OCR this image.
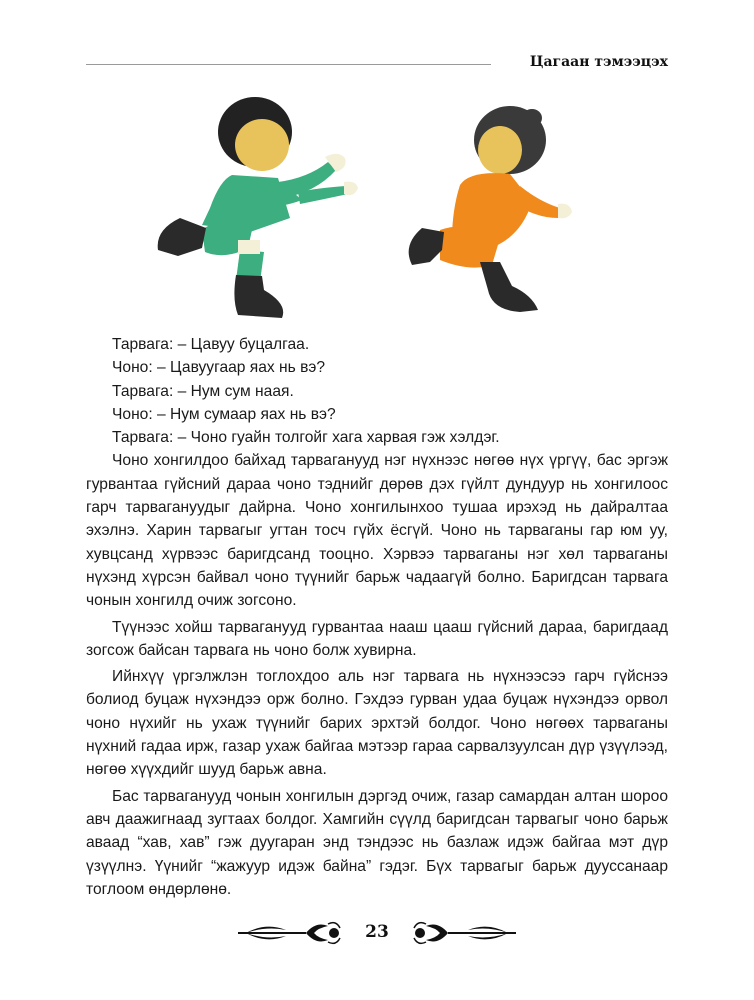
Цагаан тэмээцэх

Тарвага: – Цавуу буцалгаа.

Чоно: – Цавуугаар яах нь вэ?

Тарвага: – Нум сум наая.

Чоно: – Нум сумаар яах нь вэ?

Тарвага: – Чоно гуайн толгойг хага харвая гэж хэлдэг.

Чоно хонгилдоо байхад тарваганууд нэг нүхнээс нөгөө нүх үргүү, бас эргэж гурвантаа гүйсний дараа чоно тэднийг дөрөв дэх гүйлт дундуур нь хонгилоос гарч тарвагануудыг дайрна. Чоно хонгилынхоо тушаа ирэхэд нь дайралтаа эхэлнэ. Харин тарвагыг угтан тосч гүйх ёсгүй. Чоно нь тарваганы гар юм уу, хувцсанд хүрвээс баригдсанд тооцно. Хэрвээ тарваганы нэг хөл тарваганы нүхэнд хүрсэн байвал чоно түүнийг барьж чадаагүй болно. Баригдсан тарвага чонын хонгилд очиж зогсоно.

Түүнээс хойш тарваганууд гурвантаа нааш цааш гүйсний дараа, баригдаад зогсож байсан тарвага нь чоно болж хувирна.

Ийнхүү үргэлжлэн тоглохдоо аль нэг тарвага нь нүхнээсээ гарч гүйснээ болиод буцаж нүхэндээ орж болно. Гэхдээ гурван удаа буцаж нүхэндээ орвол чоно нүхийг нь ухаж түүнийг барих эрхтэй болдог. Чоно нөгөөх тарваганы нүхний гадаа ирж, газар ухаж байгаа мэтээр гараа сарвалзуулсан дүр үзүүлээд, нөгөө хүүхдийг шууд барьж авна.

Бас тарваганууд чонын хонгилын дэргэд очиж, газар самардан алтан шороо авч даажигнаад зугтаах болдог. Хамгийн сүүлд баригдсан тарвагыг чоно барьж аваад “хав, хав” гэж дуугаран энд тэндээс нь базлаж идэж байгаа мэт дүр үзүүлнэ. Үүнийг “жажуур идэж байна” гэдэг. Бүх тарвагыг барьж дууссанаар тоглоом өндөрлөнө.

23
